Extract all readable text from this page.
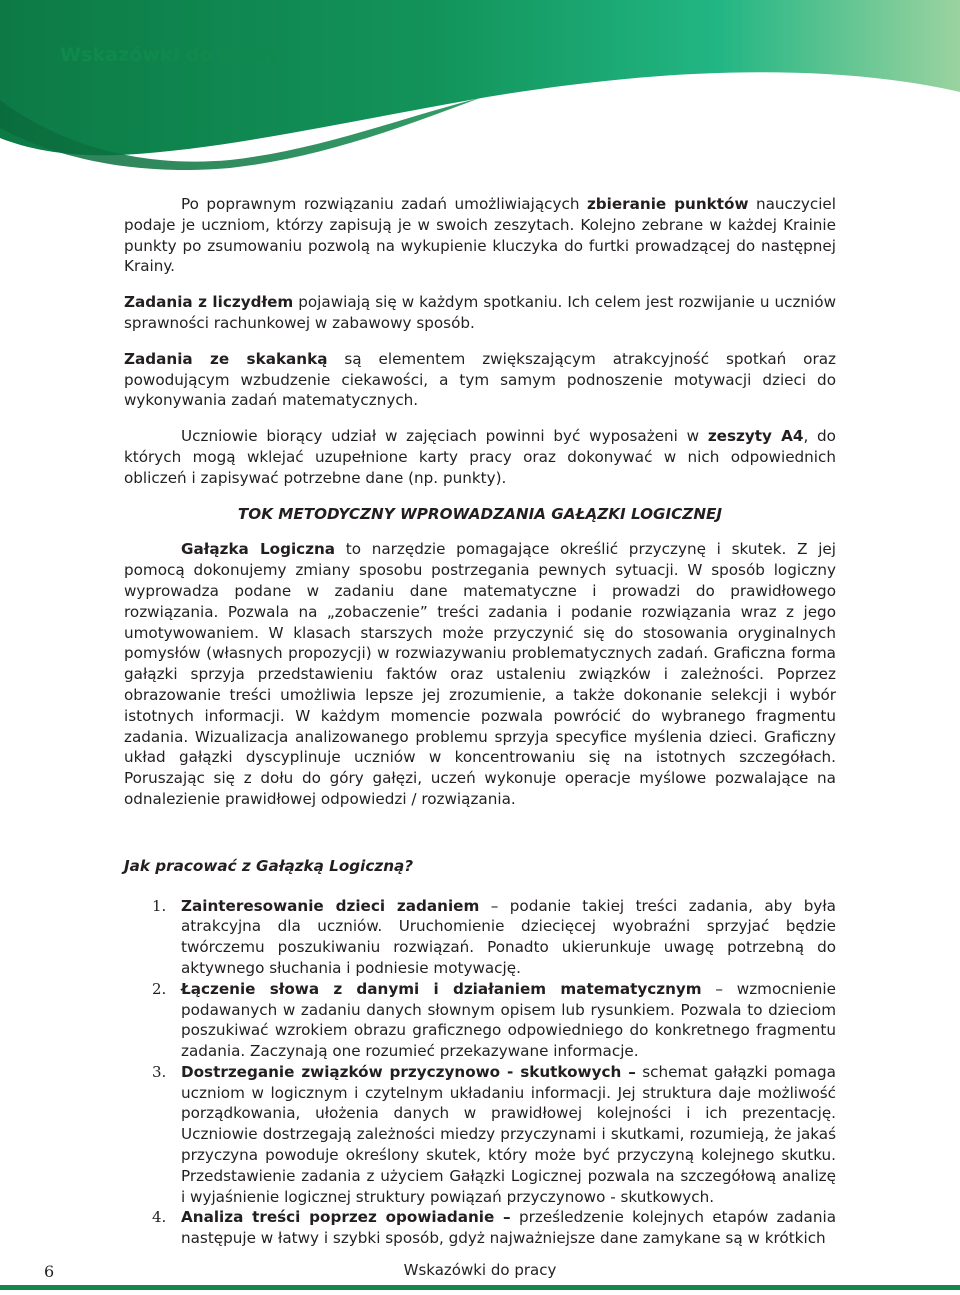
Wskazówki do pracy

Po poprawnym rozwiązaniu zadań umożliwiających zbieranie punktów nauczyciel podaje je uczniom, którzy zapisują je w swoich zeszytach. Kolejno zebrane w każdej Krainie punkty po zsumowaniu pozwolą na wykupienie kluczyka do furtki prowadzącej do następnej Krainy.

Zadania z liczydłem pojawiają się w każdym spotkaniu. Ich celem jest rozwijanie u uczniów sprawności rachunkowej w zabawowy sposób.

Zadania ze skakanką są elementem zwiększającym atrakcyjność spotkań oraz powodującym wzbudzenie ciekawości, a tym samym podnoszenie motywacji dzieci do wykonywania zadań matematycznych.

Uczniowie biorący udział w zajęciach powinni być wyposażeni w zeszyty A4, do których mogą wklejać uzupełnione karty pracy oraz dokonywać w nich odpowiednich obliczeń i zapisywać potrzebne dane (np. punkty).

TOK METODYCZNY WPROWADZANIA GAŁĄZKI LOGICZNEJ

Gałązka Logiczna to narzędzie pomagające określić przyczynę i skutek. Z jej pomocą dokonujemy zmiany sposobu postrzegania pewnych sytuacji. W sposób logiczny wyprowadza podane w zadaniu dane matematyczne i prowadzi do prawidłowego rozwiązania. Pozwala na „zobaczenie” treści zadania i podanie rozwiązania wraz z jego umotywowaniem. W klasach starszych może przyczynić się do stosowania oryginalnych pomysłów (własnych propozycji) w rozwiazywaniu problematycznych zadań. Graficzna forma gałązki sprzyja przedstawieniu faktów oraz ustaleniu związków i zależności. Poprzez obrazowanie treści umożliwia lepsze jej zrozumienie, a także dokonanie selekcji i wybór istotnych informacji. W każdym momencie pozwala powrócić do wybranego fragmentu zadania. Wizualizacja analizowanego problemu sprzyja specyfice myślenia dzieci. Graficzny układ gałązki dyscyplinuje uczniów w koncentrowaniu się na istotnych szczegółach. Poruszając się z dołu do góry gałęzi, uczeń wykonuje operacje myślowe pozwalające na odnalezienie prawidłowej odpowiedzi / rozwiązania.

Jak pracować z Gałązką Logiczną?
1. Zainteresowanie dzieci zadaniem – podanie takiej treści zadania, aby była atrakcyjna dla uczniów. Uruchomienie dziecięcej wyobraźni sprzyjać będzie twórczemu poszukiwaniu rozwiązań. Ponadto ukierunkuje uwagę potrzebną do aktywnego słuchania i podniesie motywację.
2. Łączenie słowa z danymi i działaniem matematycznym – wzmocnienie podawanych w zadaniu danych słownym opisem lub rysunkiem. Pozwala to dzieciom poszukiwać wzrokiem obrazu graficznego odpowiedniego do konkretnego fragmentu zadania. Zaczynają one rozumieć przekazywane informacje.
3. Dostrzeganie związków przyczynowo - skutkowych – schemat gałązki pomaga uczniom w logicznym i czytelnym układaniu informacji. Jej struktura daje możliwość porządkowania, ułożenia danych w prawidłowej kolejności i ich prezentację. Uczniowie dostrzegają zależności miedzy przyczynami i skutkami, rozumieją, że jakaś przyczyna powoduje określony skutek, który może być przyczyną kolejnego skutku. Przedstawienie zadania z użyciem Gałązki Logicznej pozwala na szczegółową analizę i wyjaśnienie logicznej struktury powiązań przyczynowo - skutkowych.
4. Analiza treści poprzez opowiadanie – prześledzenie kolejnych etapów zadania następuje w łatwy i szybki sposób, gdyż najważniejsze dane zamykane są w krótkich
6	Wskazówki do pracy
